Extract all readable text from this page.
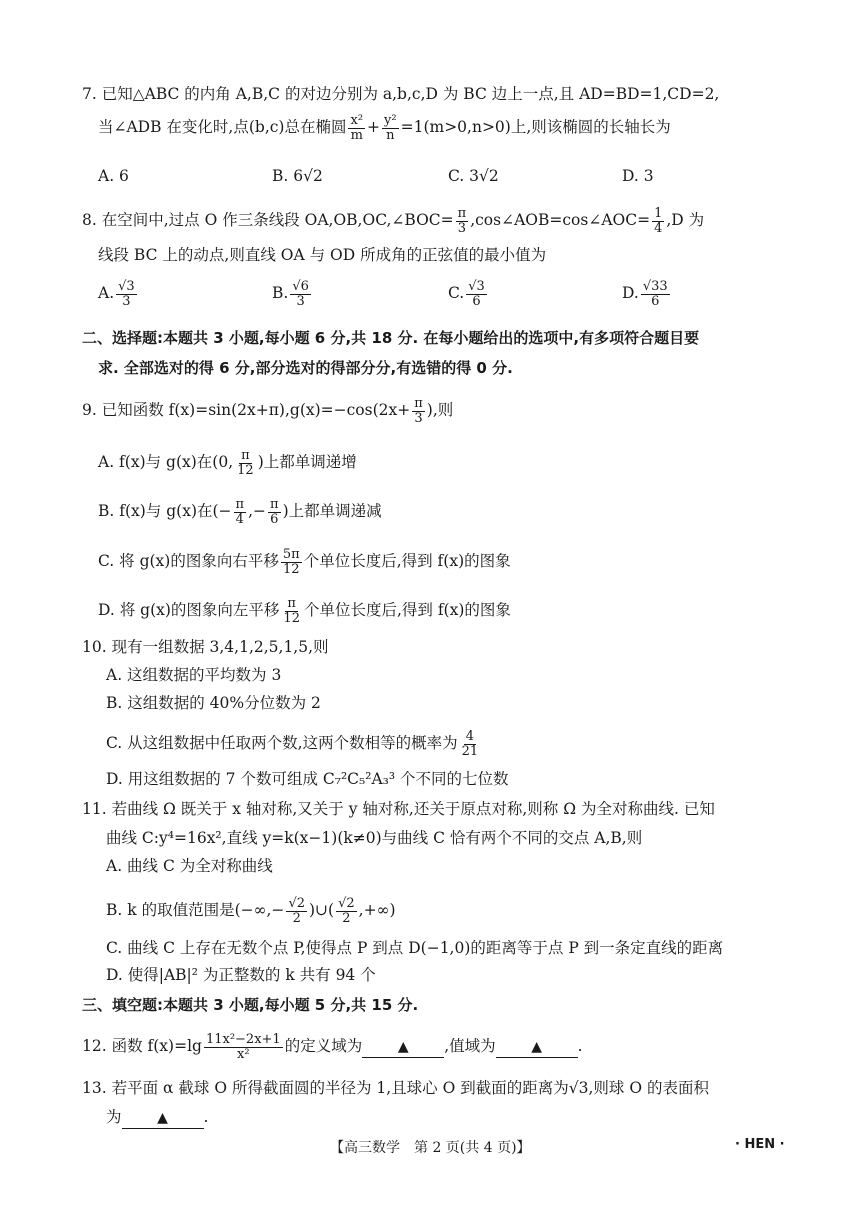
7. 已知△ABC 的内角 A,B,C 的对边分别为 a,b,c,D 为 BC 边上一点,且 AD=BD=1,CD=2,
当∠ADB 在变化时,点(b,c)总在椭圆 $\frac{\text{x²}}{m} + \frac{\text{y²}}{n} =1(m>0,n>0)$上,则该椭圆的长轴长为
A. 6	B. 6√2	C. 3√2	D. 3
8. 在空间中,过点 O 作三条线段 OA,OB,OC,∠BOC= $\frac{\pi}{3}$ ,cos∠AOB=cos∠AOC= $\frac{1}{4} ,D$ 为
线段 BC 上的动点,则直线 OA 与 OD 所成角的正弦值的最小值为
A. $\frac{√3}{3}$	B. $\frac{√6}{3}$	C. $\frac{√3}{6}$	D. $\frac{√33}{6}$
二、选择题:本题共 3 小题,每小题 6 分,共 18 分. 在每小题给出的选项中,有多项符合题目要
求. 全部选对的得 6 分,部分选对的得部分分,有选错的得 0 分.
9. 已知函数 $f(x)=\sin(2x+\pi),g(x)=-\cos(2x+ \frac{\pi}{3}$ ),则
A. f(x)与 g(x)在(0, $\frac{\pi}{12}$ )上都单调递增
B. f(x)与 g(x)在(− $\frac{\pi}{4}$ ,− $\frac{\pi}{6}$ )上都单调递减
C. 将 g(x)的图象向右平移 $\frac{5\pi}{12}$ 个单位长度后,得到 f(x)的图象
D. 将 g(x)的图象向左平移 $\frac{\pi}{12}$ 个单位长度后,得到 f(x)的图象
10. 现有一组数据 3,4,1,2,5,1,5,则
A. 这组数据的平均数为 3
B. 这组数据的 40%分位数为 2
C. 从这组数据中任取两个数,这两个数相等的概率为 $\frac{4}{21}$
D. 用这组数据的 7 个数可组成 C₇²C₅²A₃³ 个不同的七位数
11. 若曲线 Ω 既关于 x 轴对称,又关于 y 轴对称,还关于原点对称,则称 Ω 为全对称曲线. 已知
曲线 C:y⁴=16x²,直线 y=k(x−1)(k≠0)与曲线 C 恰有两个不同的交点 A,B,则
A. 曲线 C 为全对称曲线
B. k 的取值范围是(−∞,− $\frac{√2}{2}$ )∪( $\frac{√2}{2}$ ,+∞)
C. 曲线 C 上存在无数个点 P,使得点 P 到点 D(−1,0)的距离等于点 P 到一条定直线的距离
D. 使得|AB|² 为正整数的 k 共有 94 个
三、填空题:本题共 3 小题,每小题 5 分,共 15 分.
12. 函数 $f(x)=\lg \frac{\text{11x²−2x+1}}{\text{x²}}$ 的定义域为	▲ ,值域为	▲ .
13. 若平面 α 截球 O 所得截面圆的半径为 1,且球心 O 到截面的距离为√3,则球 O 的表面积
为	▲ .
【高三数学　第 2 页(共 4 页)】	· HEN ·
